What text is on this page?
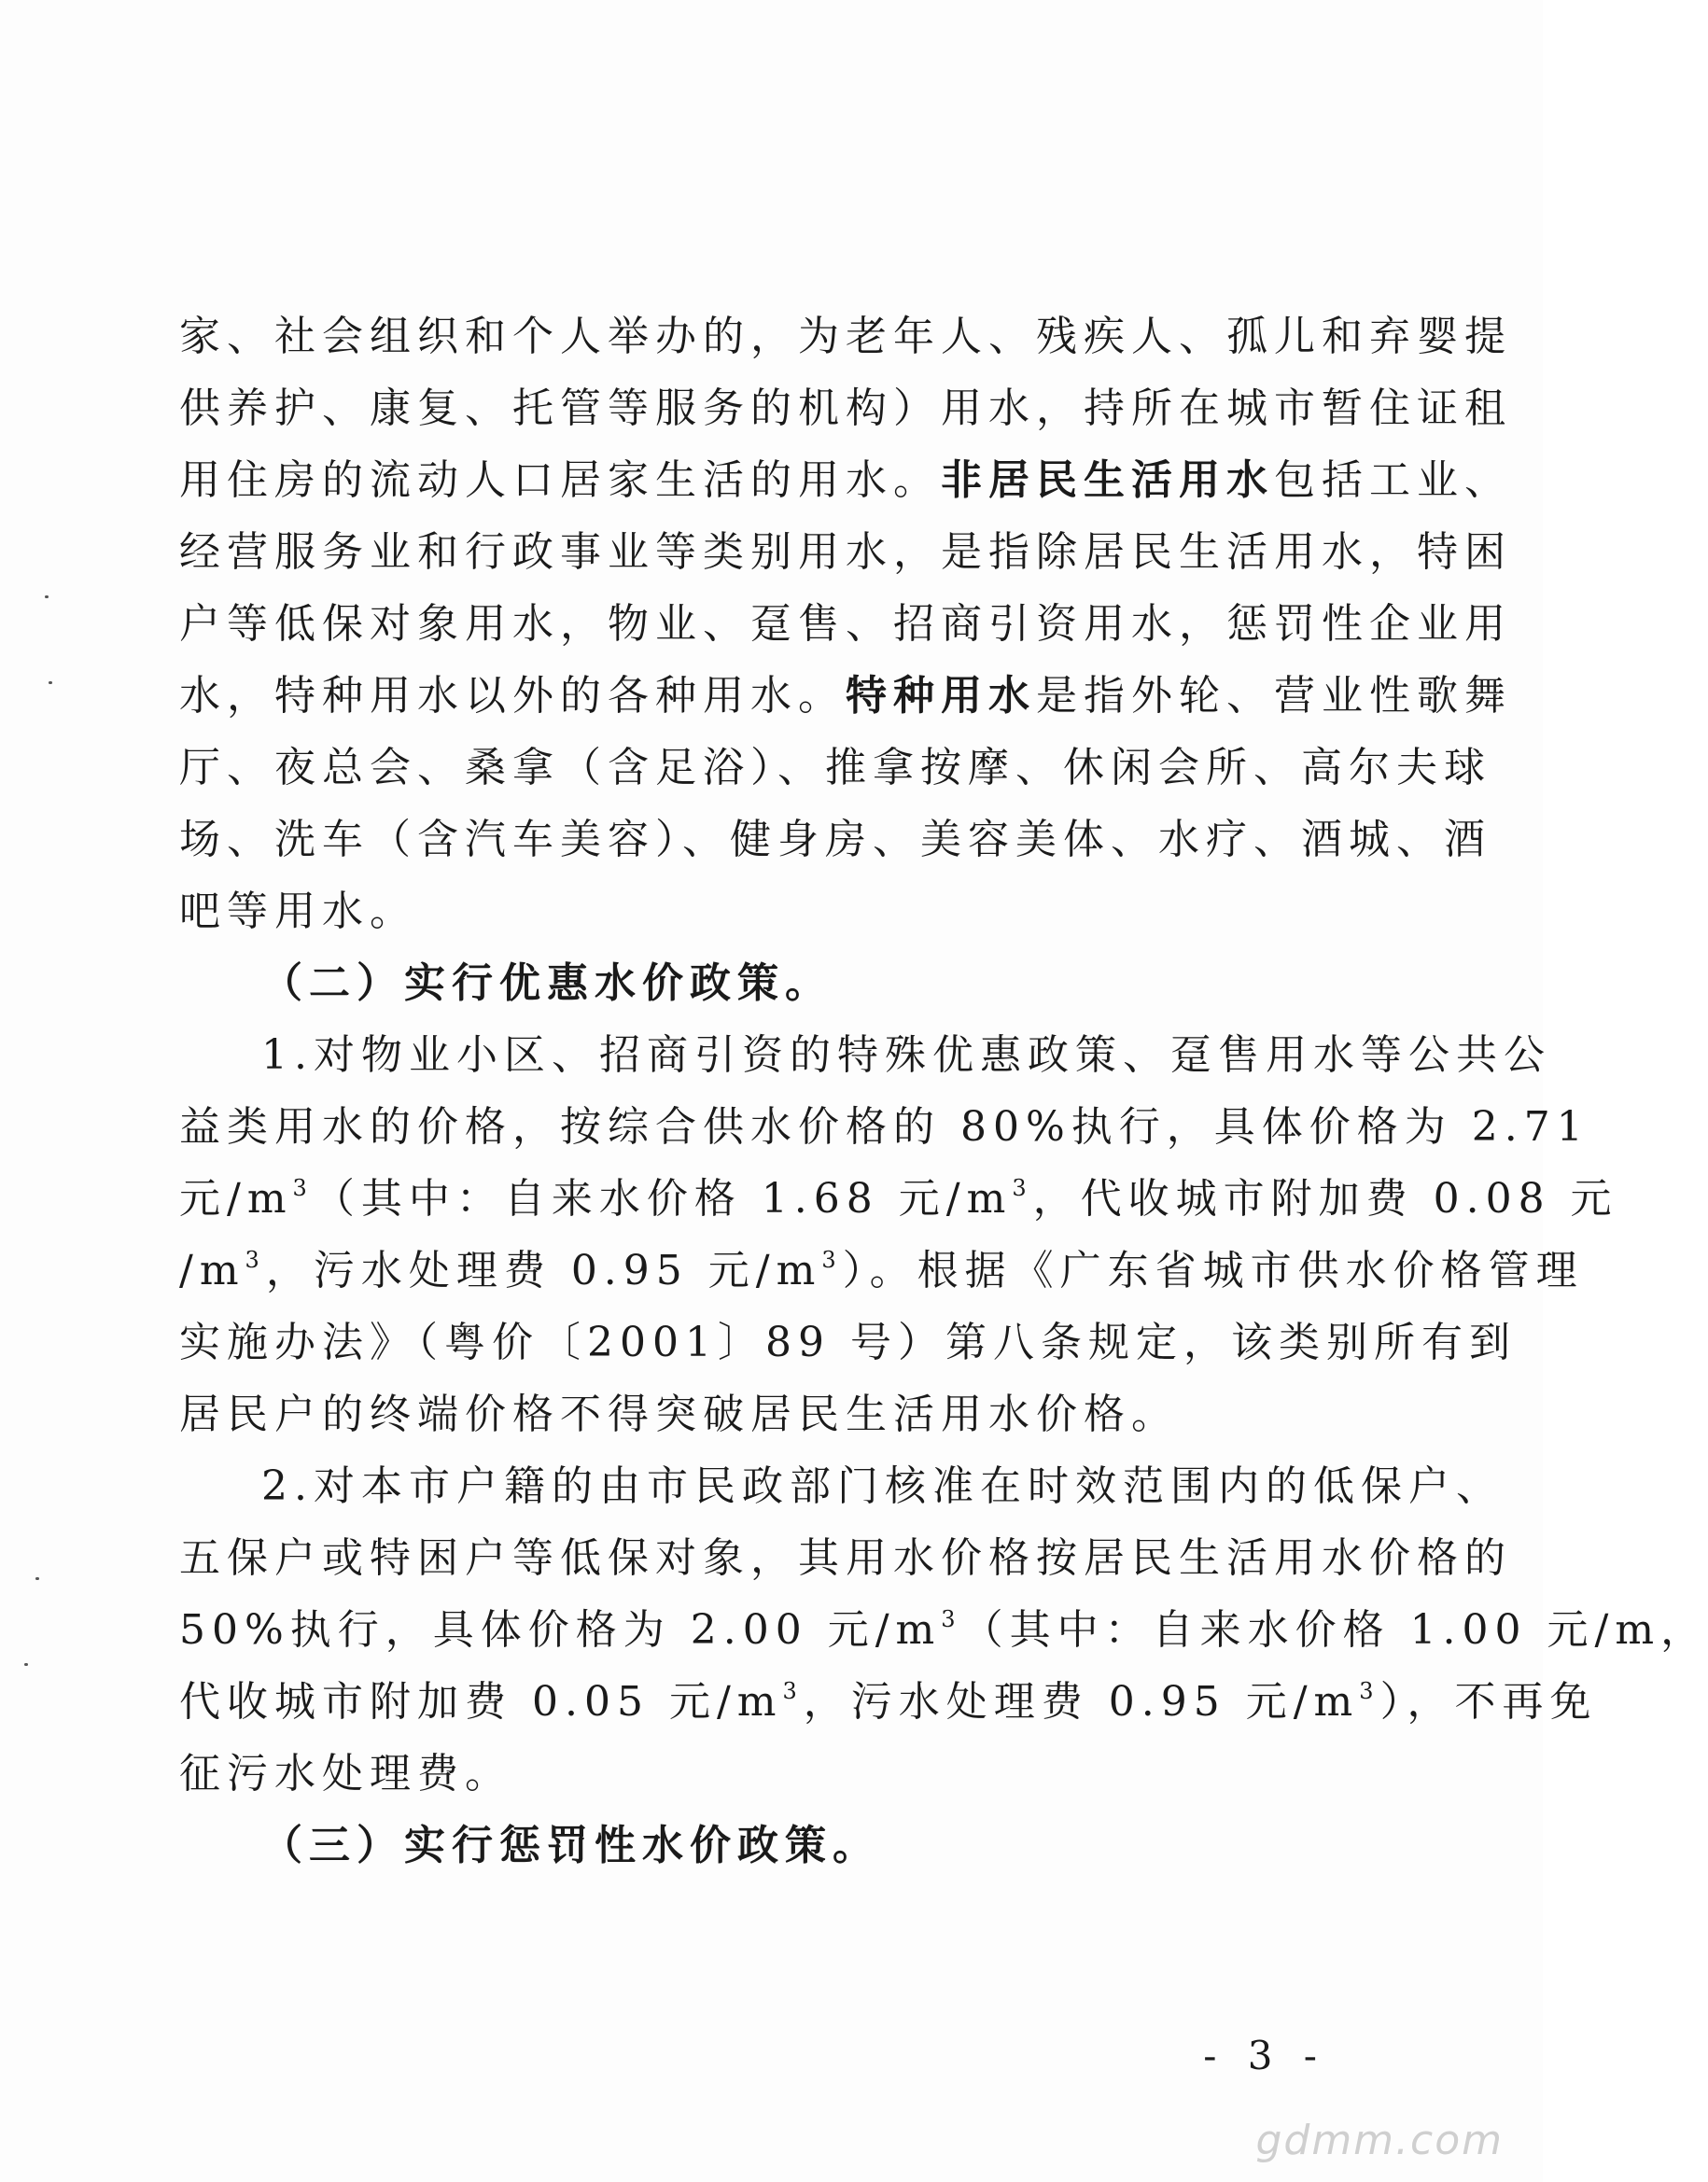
家、社会组织和个人举办的，为老年人、残疾人、孤儿和弃婴提
供养护、康复、托管等服务的机构）用水，持所在城市暂住证租
用住房的流动人口居家生活的用水。非居民生活用水包括工业、
经营服务业和行政事业等类别用水，是指除居民生活用水，特困
户等低保对象用水，物业、趸售、招商引资用水，惩罚性企业用
水，特种用水以外的各种用水。特种用水是指外轮、营业性歌舞
厅、夜总会、桑拿（含足浴）、推拿按摩、休闲会所、高尔夫球
场、洗车（含汽车美容）、健身房、美容美体、水疗、酒城、酒
吧等用水。
（二）实行优惠水价政策。
1.对物业小区、招商引资的特殊优惠政策、趸售用水等公共公
益类用水的价格，按综合供水价格的 80%执行，具体价格为 2.71
元$/m^3$（其中：自来水价格 1.68 元$/m^3$，代收城市附加费 0.08 元
$/m^3$，污水处理费 0.95 元$/m^3$）。根据《广东省城市供水价格管理
实施办法》（粤价〔2001〕89 号）第八条规定，该类别所有到
居民户的终端价格不得突破居民生活用水价格。
2.对本市户籍的由市民政部门核准在时效范围内的低保户、
五保户或特困户等低保对象，其用水价格按居民生活用水价格的
50%执行，具体价格为 2.00 元$/m^3$（其中：自来水价格 1.00 元/m，
代收城市附加费 0.05 元$/m^3$，污水处理费 0.95 元$/m^3$），不再免
征污水处理费。
（三）实行惩罚性水价政策。
- 3 -
gdmm.com
